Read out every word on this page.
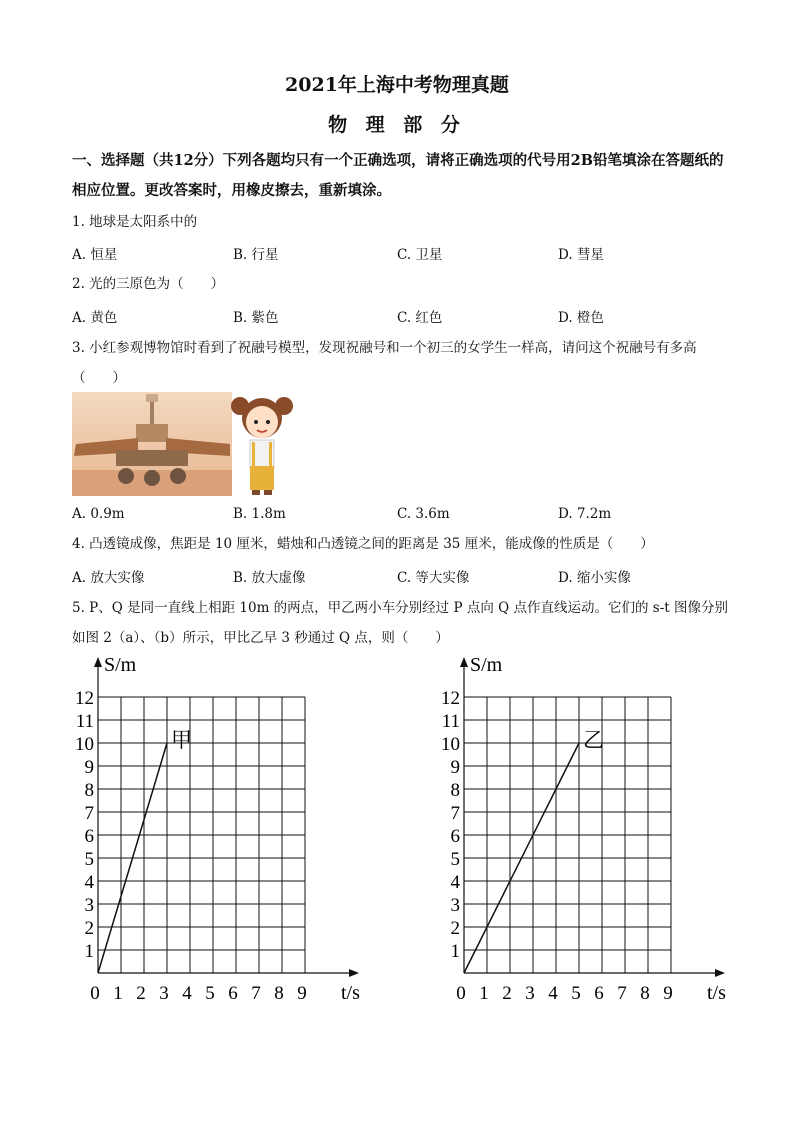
2021年上海中考物理真题
物 理 部 分
一、选择题（共12分）下列各题均只有一个正确选项，请将正确选项的代号用2B铅笔填涂在答题纸的相应位置。更改答案时，用橡皮擦去，重新填涂。
1. 地球是太阳系中的
A. 恒星	B. 行星	C. 卫星	D. 彗星
2. 光的三原色为（　　）
A. 黄色	B. 紫色	C. 红色	D. 橙色
3. 小红参观博物馆时看到了祝融号模型，发现祝融号和一个初三的女学生一样高，请问这个祝融号有多高
（　　）
A. 0.9m	B. 1.8m	C. 3.6m	D. 7.2m
4. 凸透镜成像，焦距是 10 厘米，蜡烛和凸透镜之间的距离是 35 厘米，能成像的性质是（　　）
A. 放大实像	B. 放大虚像	C. 等大实像	D. 缩小实像
5. P、Q 是同一直线上相距 10m 的两点，甲乙两小车分别经过 P 点向 Q 点作直线运动。它们的 s-t 图像分别
如图 2（a）、（b）所示，甲比乙早 3 秒通过 Q 点，则（　　）
0 1 2 3 4 5 6 7 8 9
1
2
3
4
5
6
7
8
9
10
11
12
t/s
S/m
甲
0 1 2 3 4 5 6 7 8 9
1
2
3
4
5
6
7
8
9
10
11
12
t/s
S/m
乙
